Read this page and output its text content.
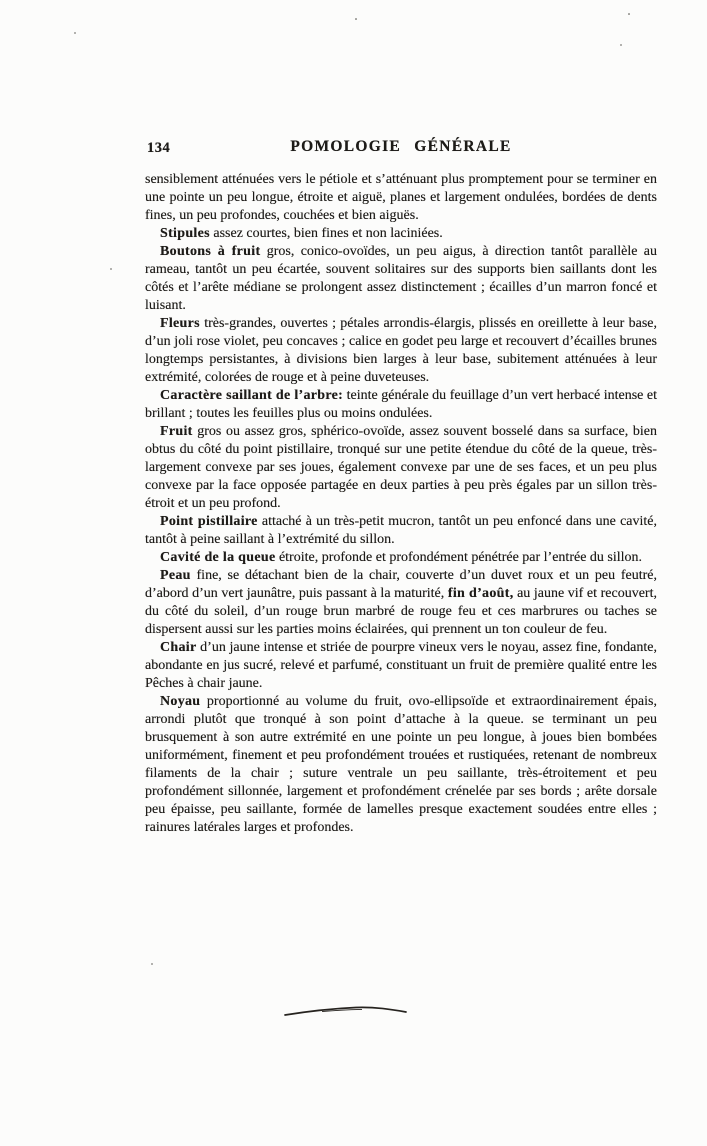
134	POMOLOGIE GÉNÉRALE

sensiblement atténuées vers le pétiole et s’atténuant plus promptement pour se terminer en une pointe un peu longue, étroite et aiguë, planes et largement ondulées, bordées de dents fines, un peu profondes, couchées et bien aiguës.

Stipules assez courtes, bien fines et non laciniées.

Boutons à fruit gros, conico-ovoïdes, un peu aigus, à direction tantôt parallèle au rameau, tantôt un peu écartée, souvent solitaires sur des supports bien saillants dont les côtés et l’arête médiane se prolongent assez distinctement ; écailles d’un marron foncé et luisant.

Fleurs très-grandes, ouvertes ; pétales arrondis-élargis, plissés en oreillette à leur base, d’un joli rose violet, peu concaves ; calice en godet peu large et recouvert d’écailles brunes longtemps persistantes, à divisions bien larges à leur base, subitement atténuées à leur extrémité, colorées de rouge et à peine duveteuses.

Caractère saillant de l’arbre: teinte générale du feuillage d’un vert herbacé intense et brillant ; toutes les feuilles plus ou moins ondulées.

Fruit gros ou assez gros, sphérico-ovoïde, assez souvent bosselé dans sa surface, bien obtus du côté du point pistillaire, tronqué sur une petite étendue du côté de la queue, très-largement convexe par ses joues, également convexe par une de ses faces, et un peu plus convexe par la face opposée partagée en deux parties à peu près égales par un sillon très-étroit et un peu profond.

Point pistillaire attaché à un très-petit mucron, tantôt un peu enfoncé dans une cavité, tantôt à peine saillant à l’extrémité du sillon.

Cavité de la queue étroite, profonde et profondément pénétrée par l’entrée du sillon.

Peau fine, se détachant bien de la chair, couverte d’un duvet roux et un peu feutré, d’abord d’un vert jaunâtre, puis passant à la maturité, fin d’août, au jaune vif et recouvert, du côté du soleil, d’un rouge brun marbré de rouge feu et ces marbrures ou taches se dispersent aussi sur les parties moins éclairées, qui prennent un ton couleur de feu.

Chair d’un jaune intense et striée de pourpre vineux vers le noyau, assez fine, fondante, abondante en jus sucré, relevé et parfumé, constituant un fruit de première qualité entre les Pêches à chair jaune.

Noyau proportionné au volume du fruit, ovo-ellipsoïde et extraordinairement épais, arrondi plutôt que tronqué à son point d’attache à la queue. se terminant un peu brusquement à son autre extrémité en une pointe un peu longue, à joues bien bombées uniformément, finement et peu profondément trouées et rustiquées, retenant de nombreux filaments de la chair ; suture ventrale un peu saillante, très-étroitement et peu profondément sillonnée, largement et profondément crénelée par ses bords ; arête dorsale peu épaisse, peu saillante, formée de lamelles presque exactement soudées entre elles ; rainures latérales larges et profondes.
